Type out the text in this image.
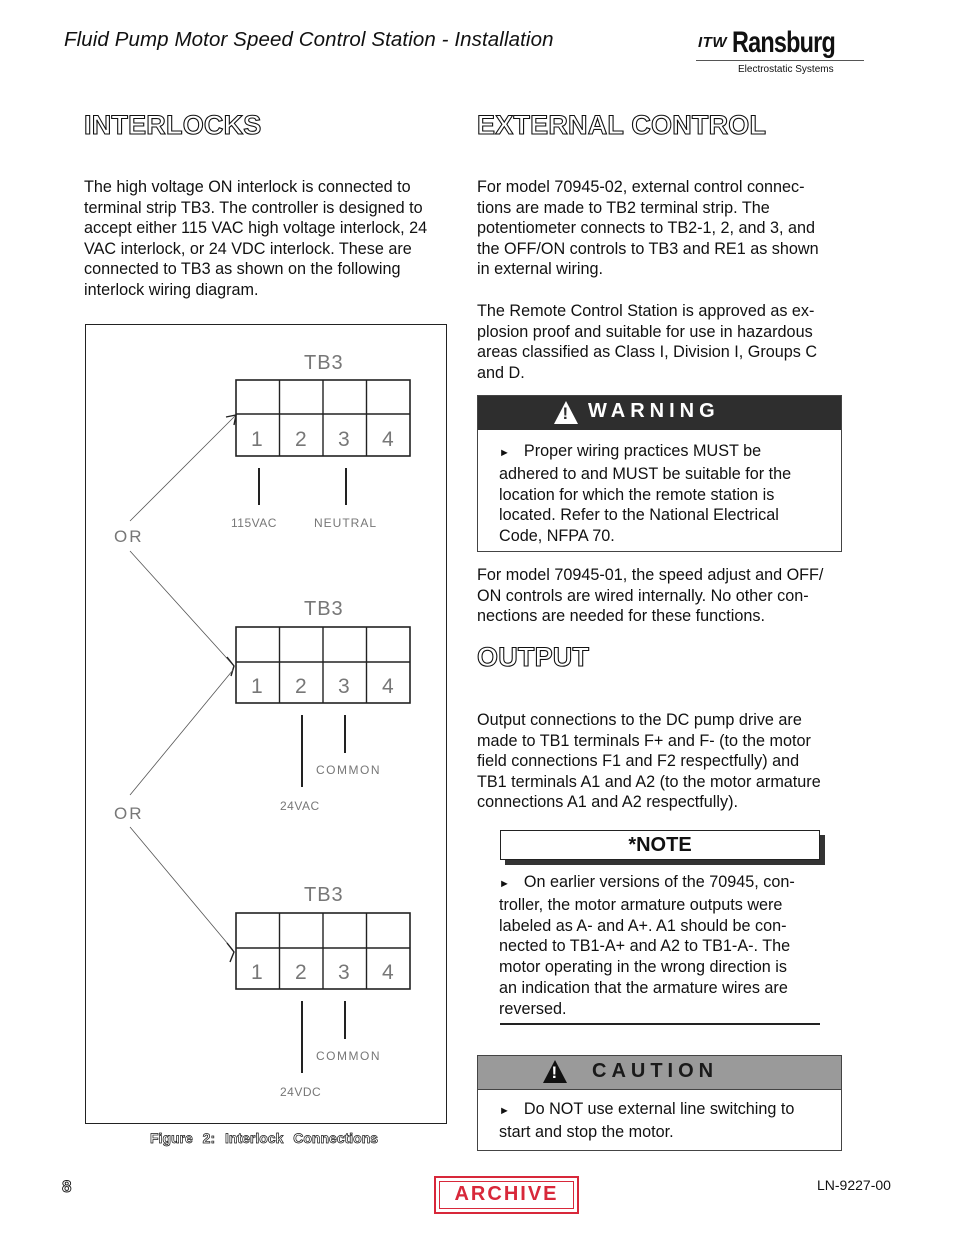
Fluid Pump Motor Speed Control Station - Installation	ITW Ransburg
Electrostatic Systems
INTERLOCKS
The high voltage ON interlock is connected to
terminal strip TB3. The controller is designed to
accept either 115 VAC high voltage interlock, 24
VAC interlock, or 24 VDC interlock. These are
connected to TB3 as shown on the following
interlock wiring diagram.
TB3
1 2 3 4
115VAC	NEUTRAL
OR
TB3
1 2 3 4
COMMON
24VAC
OR
TB3
1 2 3 4
COMMON
24VDC
Figure 2: Interlock Connections
EXTERNAL CONTROL
For model 70945-02, external control connec-
tions are made to TB2 terminal strip. The
potentiometer connects to TB2-1, 2, and 3, and
the OFF/ON controls to TB3 and RE1 as shown
in external wiring.
The Remote Control Station is approved as ex-
plosion proof and suitable for use in hazardous
areas classified as Class I, Division I, Groups C
and D.
! WARNING
► Proper wiring practices MUST be
adhered to and MUST be suitable for the
location for which the remote station is
located. Refer to the National Electrical
Code, NFPA 70.
For model 70945-01, the speed adjust and OFF/
ON controls are wired internally. No other con-
nections are needed for these functions.
OUTPUT
Output connections to the DC pump drive are
made to TB1 terminals F+ and F- (to the motor
field connections F1 and F2 respectfully) and
TB1 terminals A1 and A2 (to the motor armature
connections A1 and A2 respectfully).
*NOTE
► On earlier versions of the 70945, con-
troller, the motor armature outputs were
labeled as A- and A+. A1 should be con-
nected to TB1-A+ and A2 to TB1-A-. The
motor operating in the wrong direction is
an indication that the armature wires are
reversed.
! CAUTION
► Do NOT use external line switching to
start and stop the motor.
8	ARCHIVE	LN-9227-00
